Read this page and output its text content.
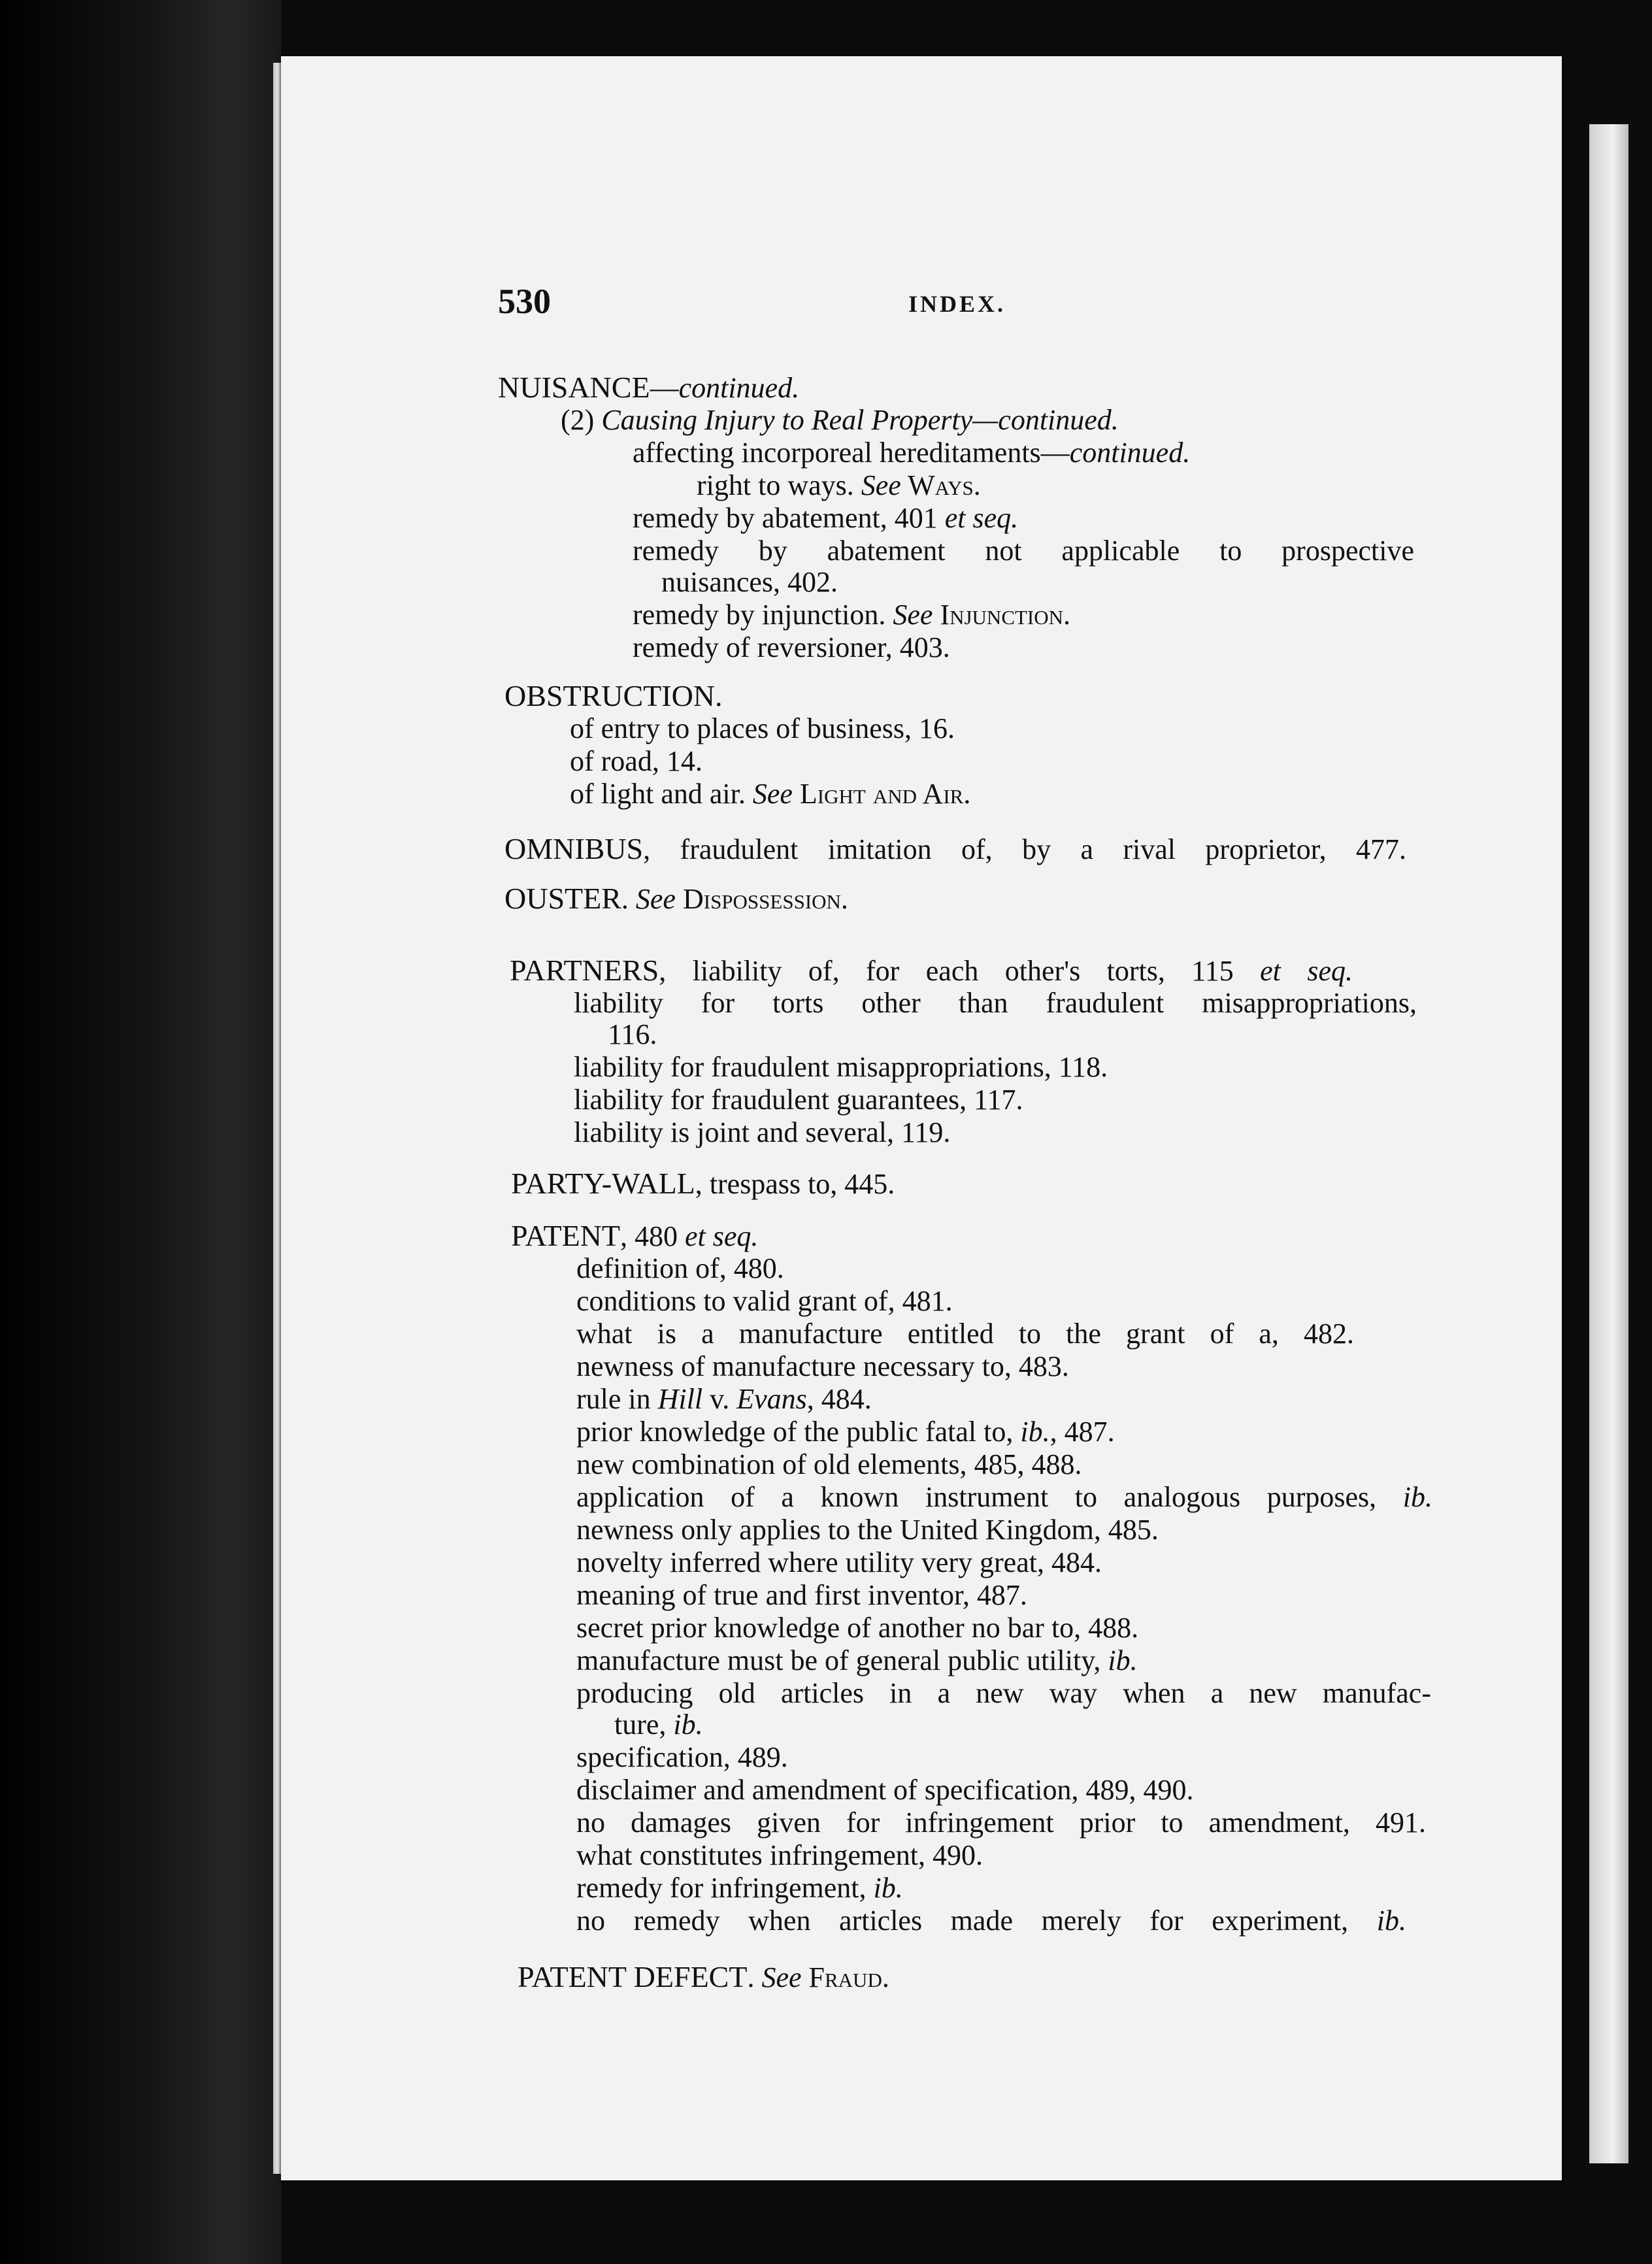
530	INDEX.
NUISANCE—continued.
(2) Causing Injury to Real Property—continued.
affecting incorporeal hereditaments—continued.
right to ways. See Ways.
remedy by abatement, 401 et seq.
remedy by abatement not applicable to prospective
nuisances, 402.
remedy by injunction. See Injunction.
remedy of reversioner, 403.
OBSTRUCTION.
of entry to places of business, 16.
of road, 14.
of light and air. See Light and Air.
OMNIBUS, fraudulent imitation of, by a rival proprietor, 477.
OUSTER. See Dispossession.
PARTNERS, liability of, for each other's torts, 115 et seq.
liability for torts other than fraudulent misappropriations,
116.
liability for fraudulent misappropriations, 118.
liability for fraudulent guarantees, 117.
liability is joint and several, 119.
PARTY-WALL, trespass to, 445.
PATENT, 480 et seq.
definition of, 480.
conditions to valid grant of, 481.
what is a manufacture entitled to the grant of a, 482.
newness of manufacture necessary to, 483.
rule in Hill v. Evans, 484.
prior knowledge of the public fatal to, ib., 487.
new combination of old elements, 485, 488.
application of a known instrument to analogous purposes, ib.
newness only applies to the United Kingdom, 485.
novelty inferred where utility very great, 484.
meaning of true and first inventor, 487.
secret prior knowledge of another no bar to, 488.
manufacture must be of general public utility, ib.
producing old articles in a new way when a new manufac-
ture, ib.
specification, 489.
disclaimer and amendment of specification, 489, 490.
no damages given for infringement prior to amendment, 491.
what constitutes infringement, 490.
remedy for infringement, ib.
no remedy when articles made merely for experiment, ib.
PATENT DEFECT. See Fraud.
